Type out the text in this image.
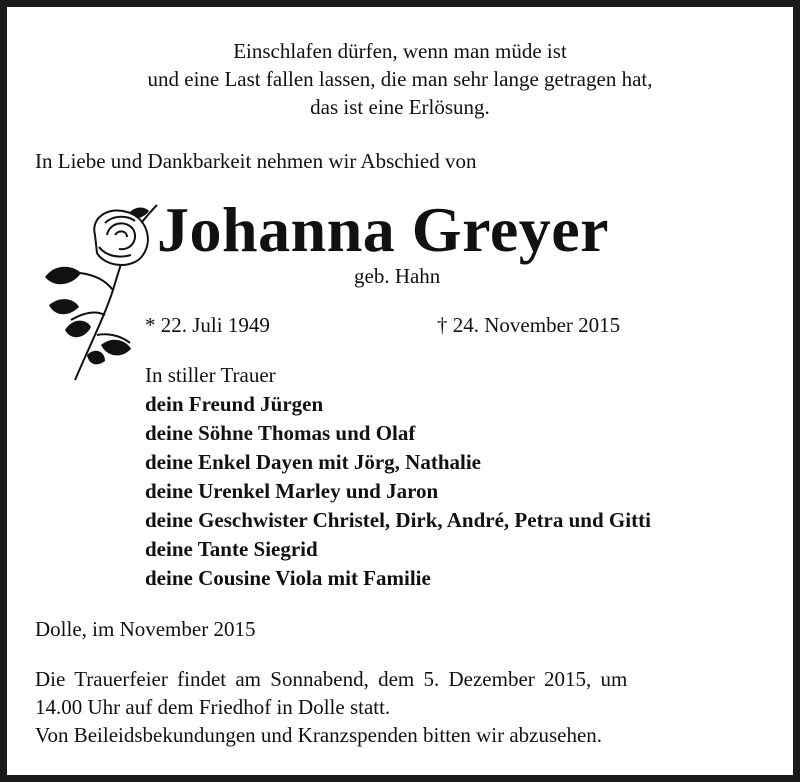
Einschlafen dürfen, wenn man müde ist
und eine Last fallen lassen, die man sehr lange getragen hat,
das ist eine Erlösung.
In Liebe und Dankbarkeit nehmen wir Abschied von
Johanna Greyer
geb. Hahn
* 22. Juli 1949	† 24. November 2015
In stiller Trauer
dein Freund Jürgen
deine Söhne Thomas und Olaf
deine Enkel Dayen mit Jörg, Nathalie
deine Urenkel Marley und Jaron
deine Geschwister Christel, Dirk, André, Petra und Gitti
deine Tante Siegrid
deine Cousine Viola mit Familie
Dolle, im November 2015
Die Trauerfeier findet am Sonnabend, dem 5. Dezember 2015, um
14.00 Uhr auf dem Friedhof in Dolle statt.
Von Beileidsbekundungen und Kranzspenden bitten wir abzusehen.
